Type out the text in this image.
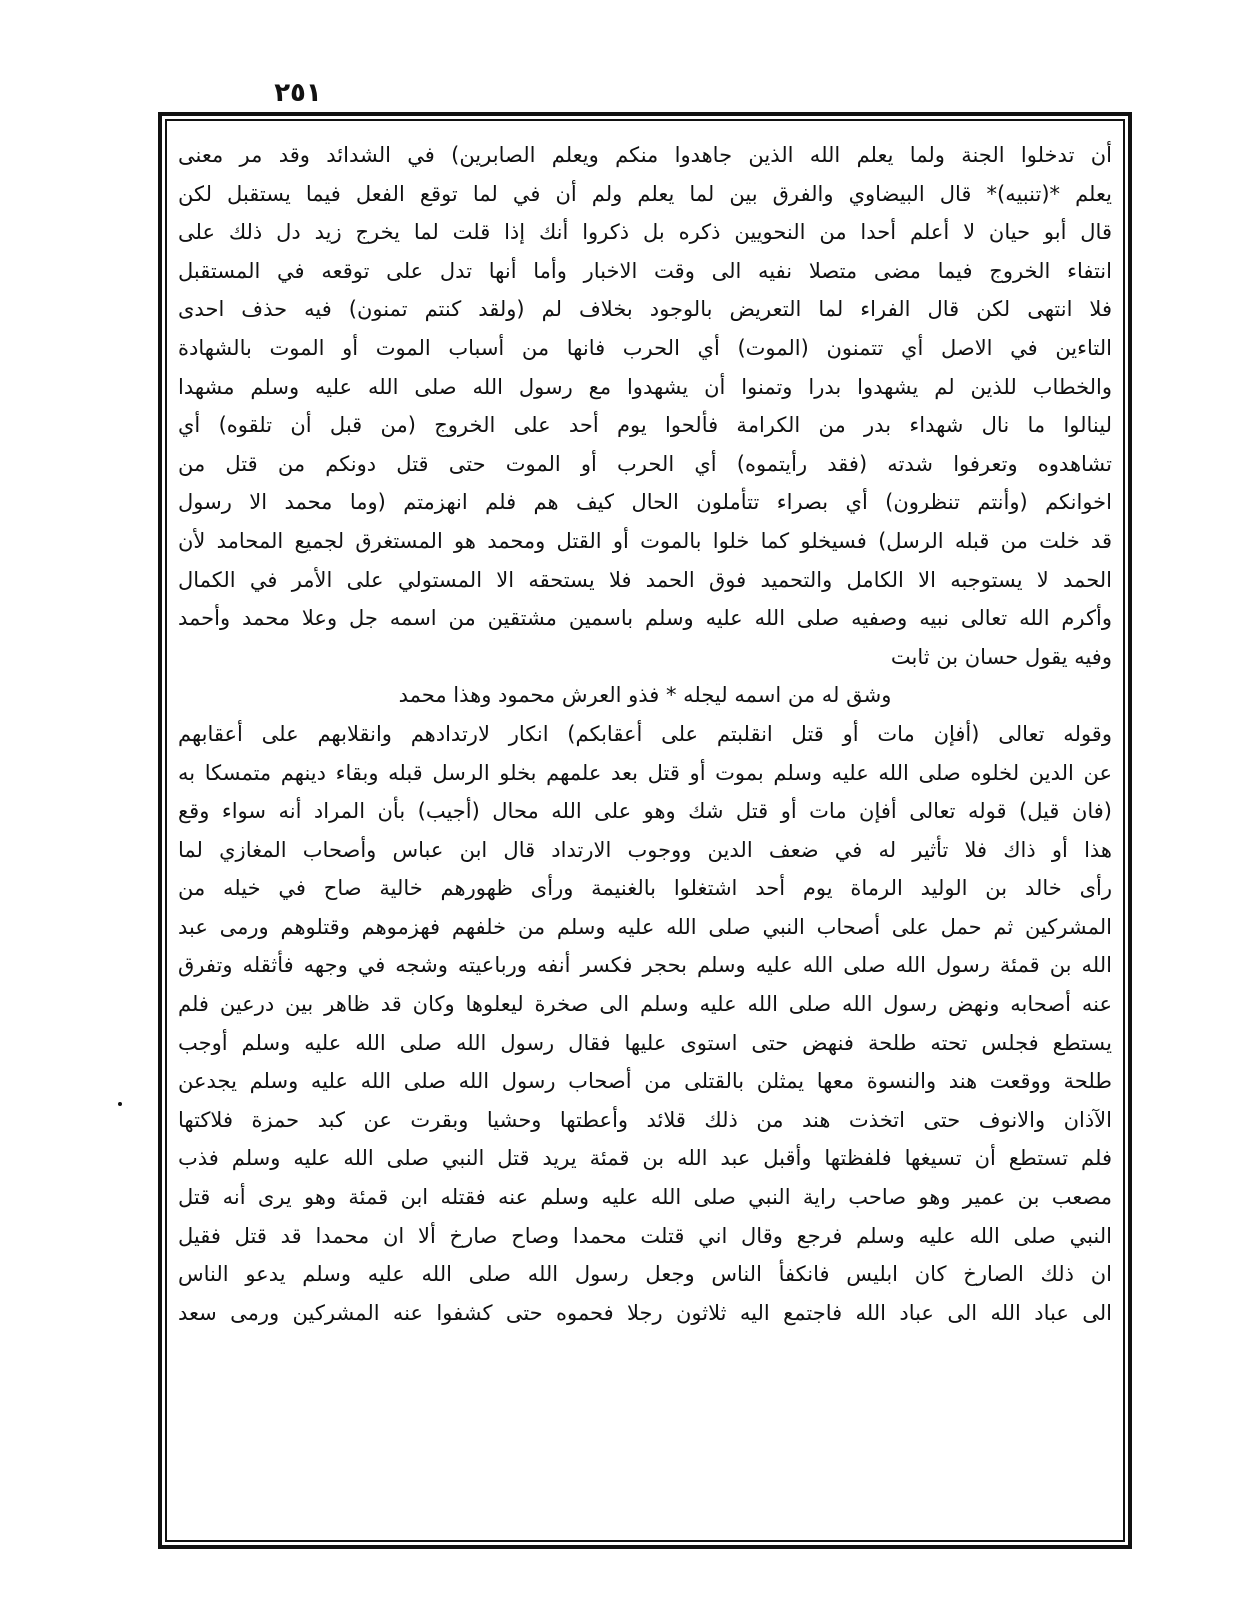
٢٥١
أن تدخلوا الجنة ولما يعلم الله الذين جاهدوا منكم ويعلم الصابرين) في الشدائد وقد مر معنى
يعلم *(تنبيه)* قال البيضاوي والفرق بين لما يعلم ولم أن في لما توقع الفعل فيما يستقبل لكن
قال أبو حيان لا أعلم أحدا من النحويين ذكره بل ذكروا أنك إذا قلت لما يخرج زيد دل ذلك على
انتفاء الخروج فيما مضى متصلا نفيه الى وقت الاخبار وأما أنها تدل على توقعه في المستقبل
فلا انتهى لكن قال الفراء لما التعريض بالوجود بخلاف لم (ولقد كنتم تمنون) فيه حذف احدى
التاءين في الاصل أي تتمنون (الموت) أي الحرب فانها من أسباب الموت أو الموت بالشهادة
والخطاب للذين لم يشهدوا بدرا وتمنوا أن يشهدوا مع رسول الله صلى الله عليه وسلم مشهدا
لينالوا ما نال شهداء بدر من الكرامة فألحوا يوم أحد على الخروج (من قبل أن تلقوه) أي
تشاهدوه وتعرفوا شدته (فقد رأيتموه) أي الحرب أو الموت حتى قتل دونكم من قتل من
اخوانكم (وأنتم تنظرون) أي بصراء تتأملون الحال كيف هم فلم انهزمتم (وما محمد الا رسول
قد خلت من قبله الرسل) فسيخلو كما خلوا بالموت أو القتل ومحمد هو المستغرق لجميع المحامد لأن
الحمد لا يستوجبه الا الكامل والتحميد فوق الحمد فلا يستحقه الا المستولي على الأمر في الكمال
وأكرم الله تعالى نبيه وصفيه صلى الله عليه وسلم باسمين مشتقين من اسمه جل وعلا محمد وأحمد
وفيه يقول حسان بن ثابت
وشق له من اسمه ليجله * فذو العرش محمود وهذا محمد
وقوله تعالى (أفإن مات أو قتل انقلبتم على أعقابكم) انكار لارتدادهم وانقلابهم على أعقابهم
عن الدين لخلوه صلى الله عليه وسلم بموت أو قتل بعد علمهم بخلو الرسل قبله وبقاء دينهم متمسكا به
(فان قيل) قوله تعالى أفإن مات أو قتل شك وهو على الله محال (أجيب) بأن المراد أنه سواء وقع
هذا أو ذاك فلا تأثير له في ضعف الدين ووجوب الارتداد قال ابن عباس وأصحاب المغازي لما
رأى خالد بن الوليد الرماة يوم أحد اشتغلوا بالغنيمة ورأى ظهورهم خالية صاح في خيله من
المشركين ثم حمل على أصحاب النبي صلى الله عليه وسلم من خلفهم فهزموهم وقتلوهم ورمى عبد
الله بن قمئة رسول الله صلى الله عليه وسلم بحجر فكسر أنفه ورباعيته وشجه في وجهه فأثقله وتفرق
عنه أصحابه ونهض رسول الله صلى الله عليه وسلم الى صخرة ليعلوها وكان قد ظاهر بين درعين فلم
يستطع فجلس تحته طلحة فنهض حتى استوى عليها فقال رسول الله صلى الله عليه وسلم أوجب
طلحة ووقعت هند والنسوة معها يمثلن بالقتلى من أصحاب رسول الله صلى الله عليه وسلم يجدعن
الآذان والانوف حتى اتخذت هند من ذلك قلائد وأعطتها وحشيا وبقرت عن كبد حمزة فلاكتها
فلم تستطع أن تسيغها فلفظتها وأقبل عبد الله بن قمئة يريد قتل النبي صلى الله عليه وسلم فذب
مصعب بن عمير وهو صاحب راية النبي صلى الله عليه وسلم عنه فقتله ابن قمئة وهو يرى أنه قتل
النبي صلى الله عليه وسلم فرجع وقال اني قتلت محمدا وصاح صارخ ألا ان محمدا قد قتل فقيل
ان ذلك الصارخ كان ابليس فانكفأ الناس وجعل رسول الله صلى الله عليه وسلم يدعو الناس
الى عباد الله الى عباد الله فاجتمع اليه ثلاثون رجلا فحموه حتى كشفوا عنه المشركين ورمى سعد
